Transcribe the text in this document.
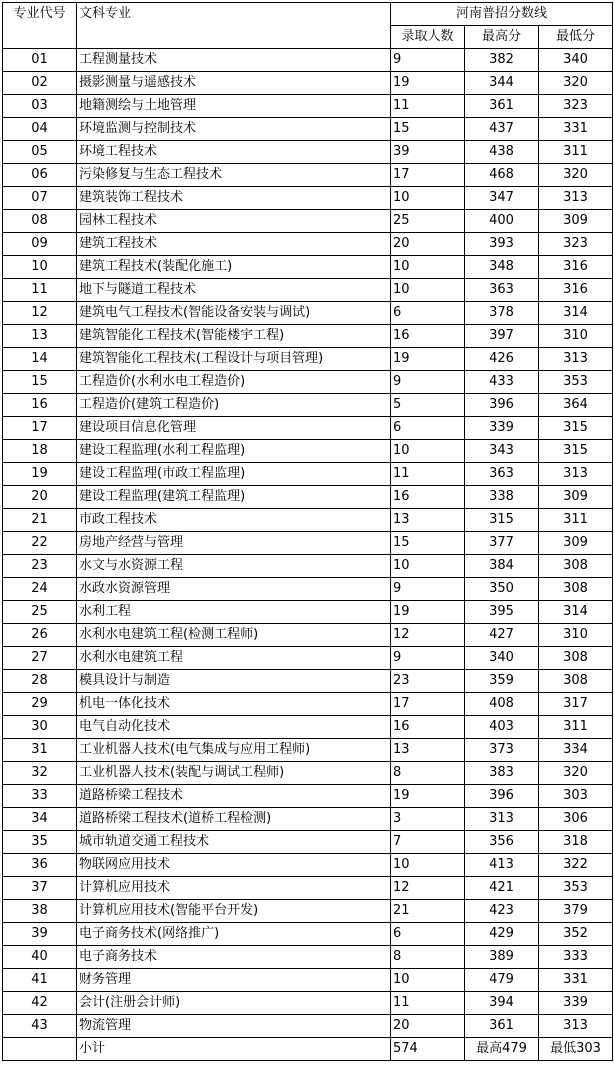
专业代号	文科专业	河南普招分数线		
		录取人数	最高分	最低分
01	工程测量技术	9	382	340
02	摄影测量与遥感技术	19	344	320
03	地籍测绘与土地管理	11	361	323
04	环境监测与控制技术	15	437	331
05	环境工程技术	39	438	311
06	污染修复与生态工程技术	17	468	320
07	建筑装饰工程技术	10	347	313
08	园林工程技术	25	400	309
09	建筑工程技术	20	393	323
10	建筑工程技术(装配化施工)	10	348	316
11	地下与隧道工程技术	10	363	316
12	建筑电气工程技术(智能设备安装与调试)	6	378	314
13	建筑智能化工程技术(智能楼宇工程)	16	397	310
14	建筑智能化工程技术(工程设计与项目管理)	19	426	313
15	工程造价(水利水电工程造价)	9	433	353
16	工程造价(建筑工程造价)	5	396	364
17	建设项目信息化管理	6	339	315
18	建设工程监理(水利工程监理)	10	343	315
19	建设工程监理(市政工程监理)	11	363	313
20	建设工程监理(建筑工程监理)	16	338	309
21	市政工程技术	13	315	311
22	房地产经营与管理	15	377	309
23	水文与水资源工程	10	384	308
24	水政水资源管理	9	350	308
25	水利工程	19	395	314
26	水利水电建筑工程(检测工程师)	12	427	310
27	水利水电建筑工程	9	340	308
28	模具设计与制造	23	359	308
29	机电一体化技术	17	408	317
30	电气自动化技术	16	403	311
31	工业机器人技术(电气集成与应用工程师)	13	373	334
32	工业机器人技术(装配与调试工程师)	8	383	320
33	道路桥梁工程技术	19	396	303
34	道路桥梁工程技术(道桥工程检测)	3	313	306
35	城市轨道交通工程技术	7	356	318
36	物联网应用技术	10	413	322
37	计算机应用技术	12	421	353
38	计算机应用技术(智能平台开发)	21	423	379
39	电子商务技术(网络推广)	6	429	352
40	电子商务技术	8	389	333
41	财务管理	10	479	331
42	会计(注册会计师)	11	394	339
43	物流管理	20	361	313
	小计	574	最高479	最低303
